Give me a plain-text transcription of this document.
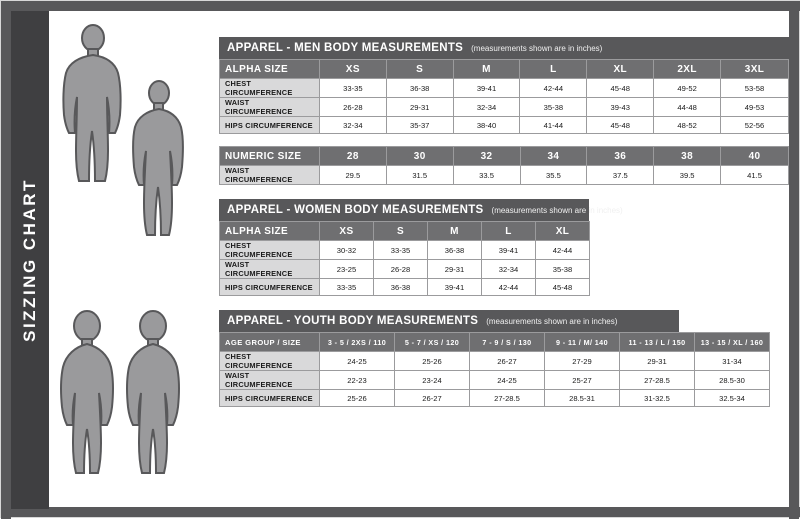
SIZZING CHART
APPAREL - MEN BODY MEASUREMENTS (measurements shown are in inches)
ALPHA SIZE	XS	S	M	L	XL	2XL	3XL
CHEST CIRCUMFERENCE	33-35	36-38	39-41	42-44	45-48	49-52	53-58
WAIST CIRCUMFERENCE	26-28	29-31	32-34	35-38	39-43	44-48	49-53
HIPS CIRCUMFERENCE	32-34	35-37	38-40	41-44	45-48	48-52	52-56
NUMERIC SIZE	28	30	32	34	36	38	40
WAIST CIRCUMFERENCE	29.5	31.5	33.5	35.5	37.5	39.5	41.5
APPAREL - WOMEN BODY MEASUREMENTS (measurements shown are in inches)
ALPHA SIZE	XS	S	M	L	XL
CHEST CIRCUMFERENCE	30-32	33-35	36-38	39-41	42-44
WAIST CIRCUMFERENCE	23-25	26-28	29-31	32-34	35-38
HIPS CIRCUMFERENCE	33-35	36-38	39-41	42-44	45-48
APPAREL - YOUTH BODY MEASUREMENTS (measurements shown are in inches)
AGE GROUP / SIZE	3 - 5 / 2XS / 110	5 - 7 / XS / 120	7 - 9 / S / 130	9 - 11 / M/ 140	11 - 13 / L / 150	13 - 15 / XL / 160
CHEST CIRCUMFERENCE	24-25	25-26	26-27	27-29	29-31	31-34
WAIST CIRCUMFERENCE	22-23	23-24	24-25	25-27	27-28.5	28.5-30
HIPS CIRCUMFERENCE	25-26	26-27	27-28.5	28.5-31	31-32.5	32.5-34
